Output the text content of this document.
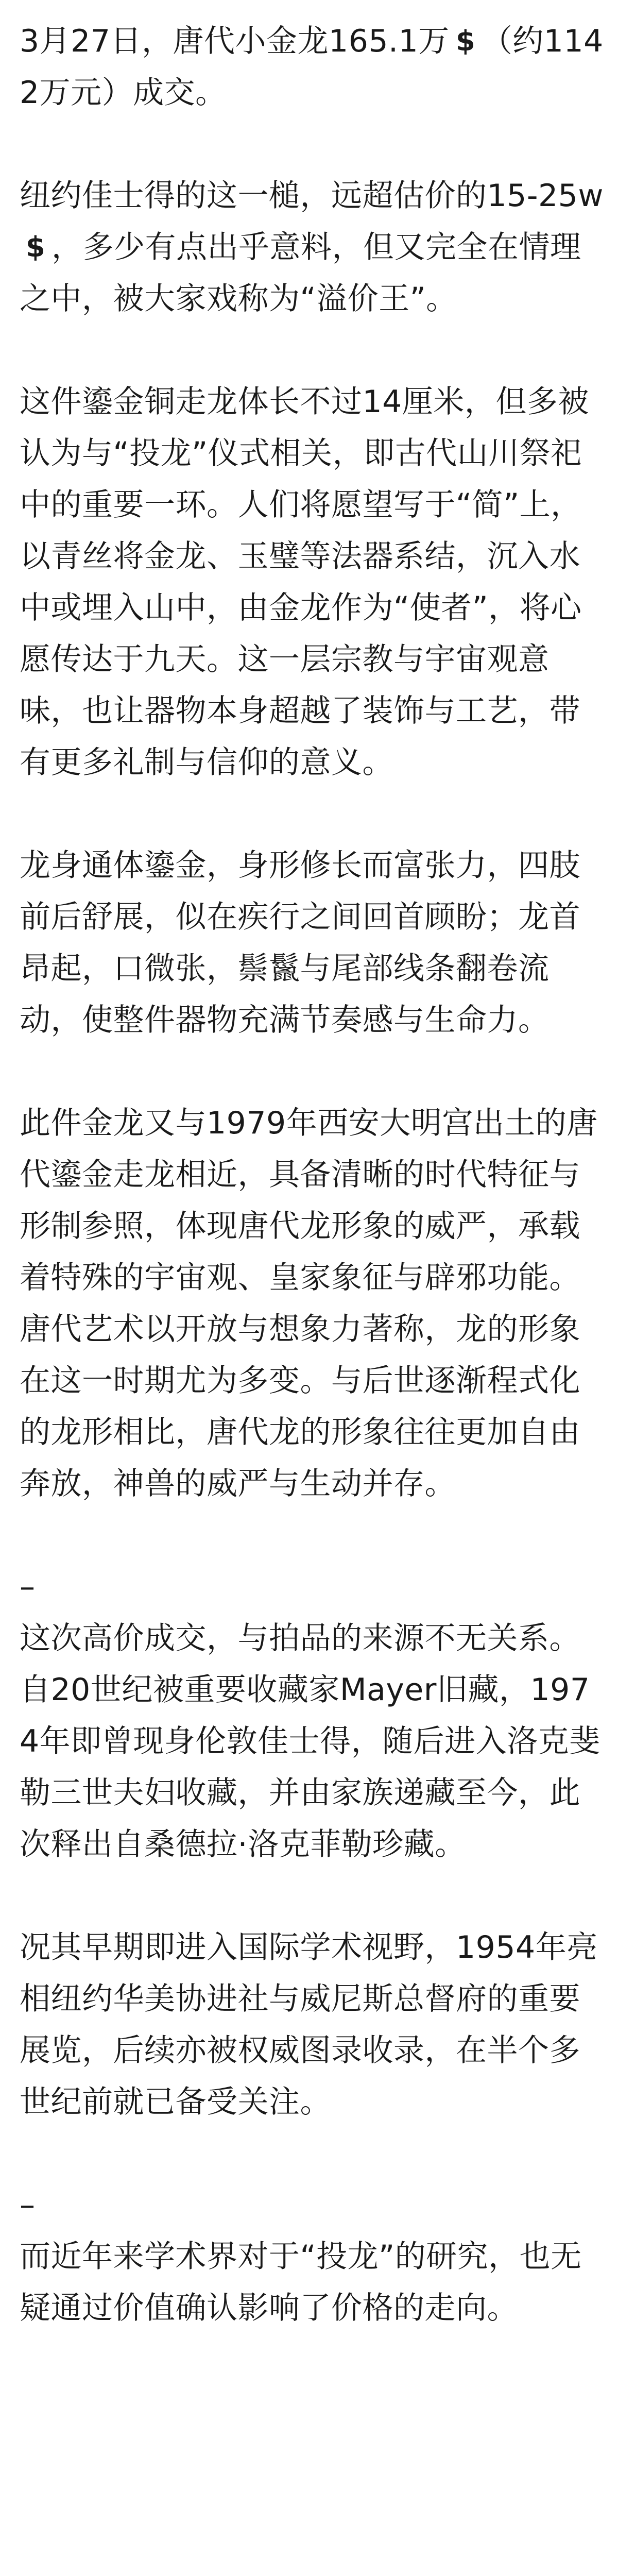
3月27日，唐代小金龙165.1万 $ （约1142万元）成交。

纽约佳士得的这一槌，远超估价的15-25w
$ ，多少有点出乎意料，但又完全在情理之中，被大家戏称为“溢价王”。

这件鎏金铜走龙体长不过14厘米，但多被认为与“投龙”仪式相关，即古代山川祭祀中的重要一环。人们将愿望写于“简”上，以青丝将金龙、玉璧等法器系结，沉入水中或埋入山中，由金龙作为“使者”，将心愿传达于九天。这一层宗教与宇宙观意味，也让器物本身超越了装饰与工艺，带有更多礼制与信仰的意义。

龙身通体鎏金，身形修长而富张力，四肢前后舒展，似在疾行之间回首顾盼；龙首昂起，口微张，鬃鬣与尾部线条翻卷流动，使整件器物充满节奏感与生命力。

此件金龙又与1979年西安大明宫出土的唐代鎏金走龙相近，具备清晰的时代特征与形制参照，体现唐代龙形象的威严，承载着特殊的宇宙观、皇家象征与辟邪功能。唐代艺术以开放与想象力著称，龙的形象在这一时期尤为多变。与后世逐渐程式化的龙形相比，唐代龙的形象往往更加自由奔放，神兽的威严与生动并存。

–

这次高价成交，与拍品的来源不无关系。自20世纪被重要收藏家Mayer旧藏，1974年即曾现身伦敦佳士得，随后进入洛克斐勒三世夫妇收藏，并由家族递藏至今，此次释出自桑德拉·洛克菲勒珍藏。

况其早期即进入国际学术视野，1954年亮相纽约华美协进社与威尼斯总督府的重要展览，后续亦被权威图录收录，在半个多世纪前就已备受关注。

–

而近年来学术界对于“投龙”的研究，也无疑通过价值确认影响了价格的走向。
